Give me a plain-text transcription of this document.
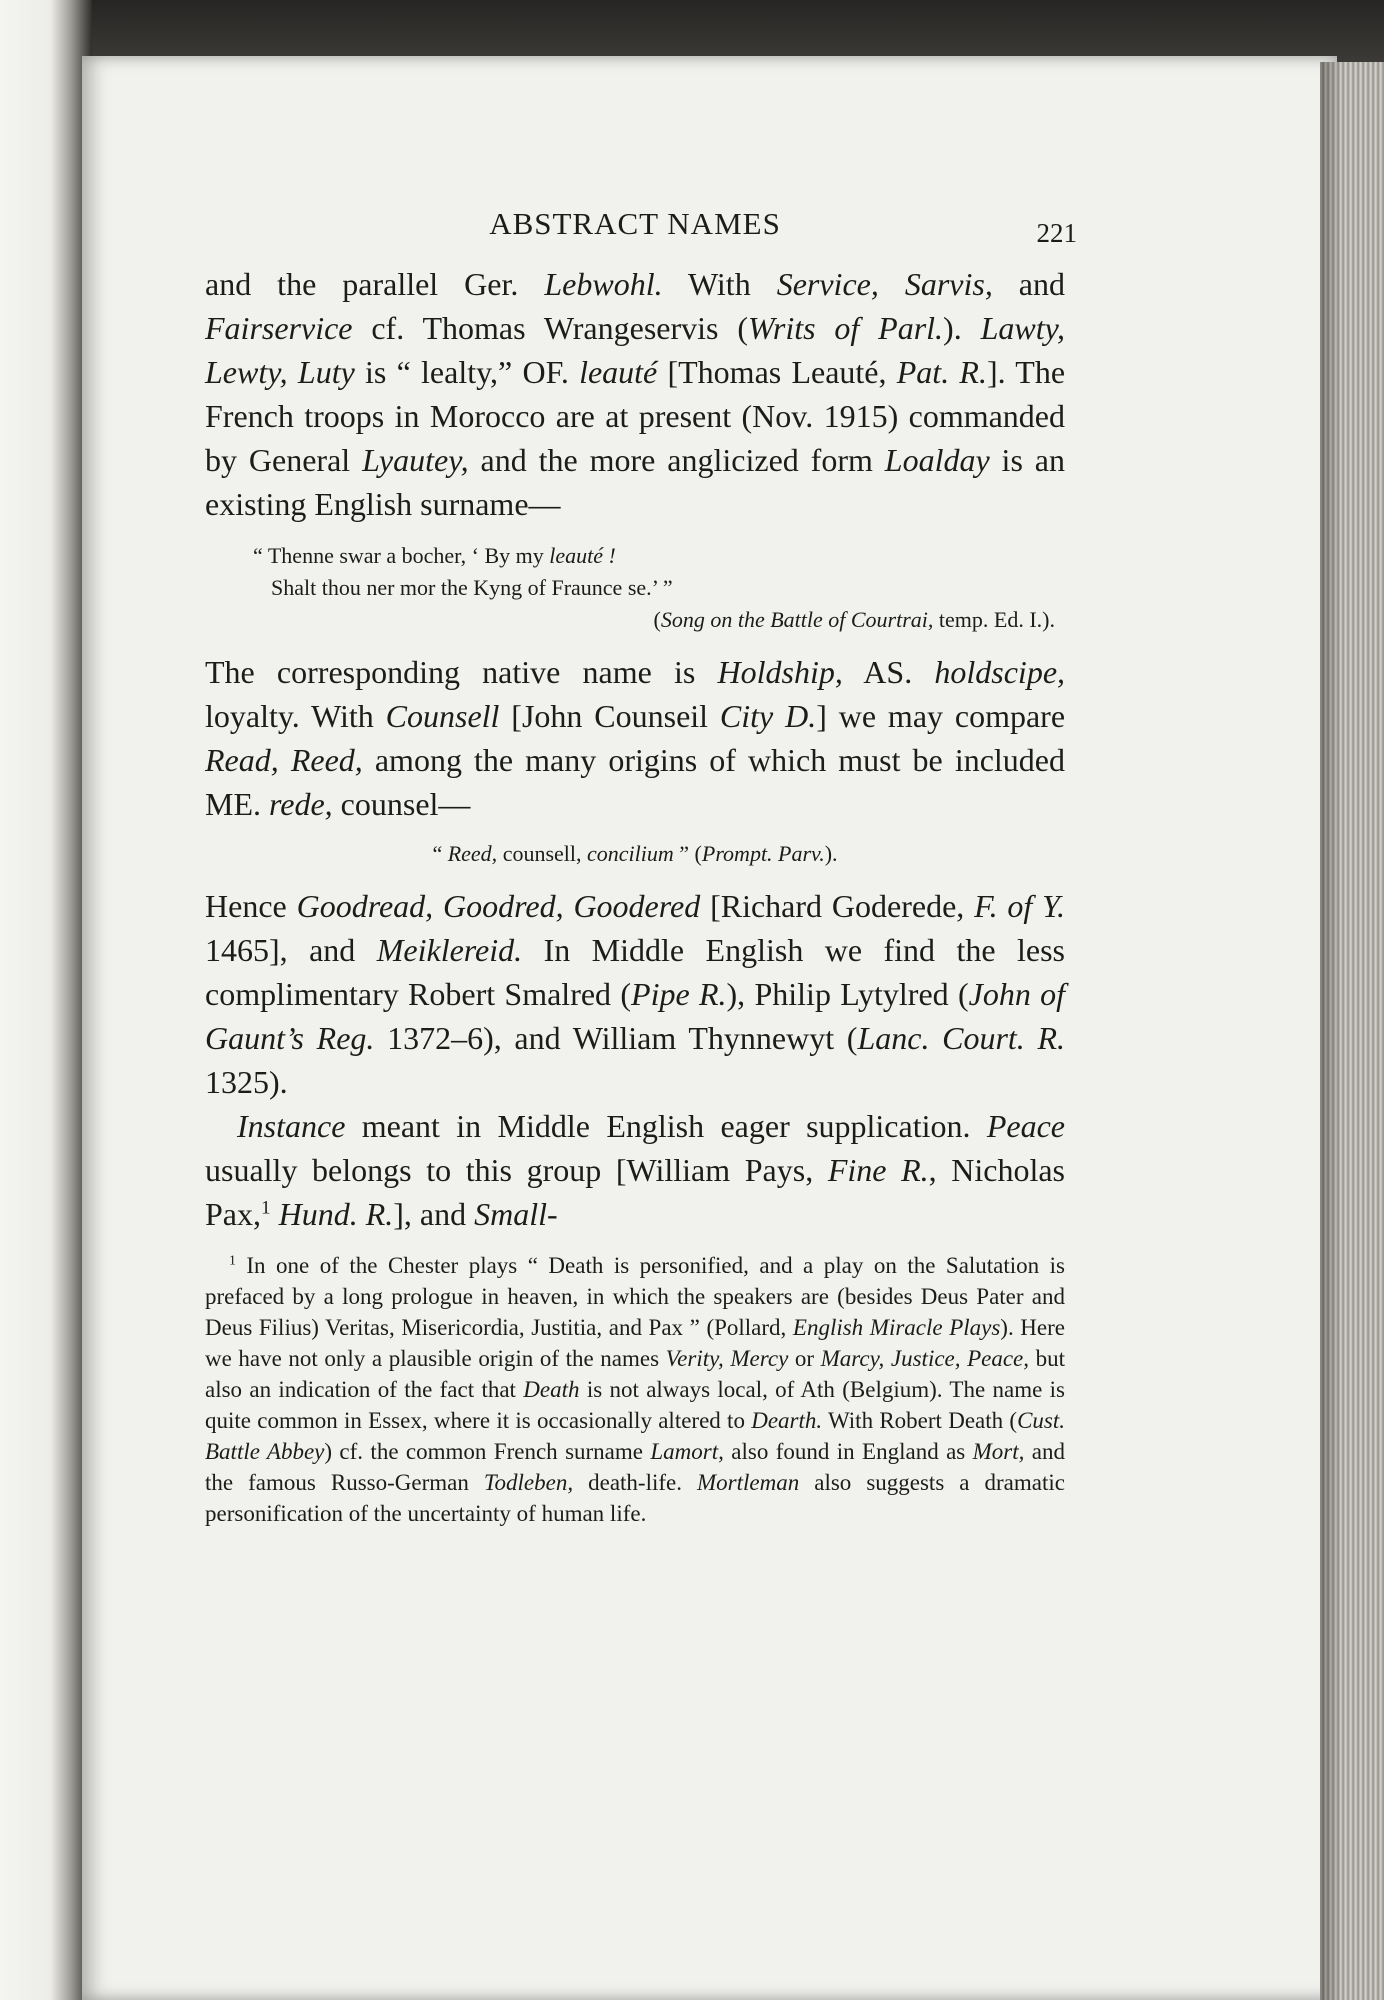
ABSTRACT NAMES	221

and the parallel Ger. Lebwohl. With Service, Sarvis, and Fairservice cf. Thomas Wrangeservis (Writs of Parl.). Lawty, Lewty, Luty is “ lealty,” OF. leauté [Thomas Leauté, Pat. R.]. The French troops in Morocco are at present (Nov. 1915) commanded by General Lyautey, and the more anglicized form Loalday is an existing English surname—

“ Thenne swar a bocher, ‘ By my leauté !
Shalt thou ner mor the Kyng of Fraunce se.’ ”
(Song on the Battle of Courtrai, temp. Ed. I.).

The corresponding native name is Holdship, AS. holdscipe, loyalty. With Counsell [John Counseil City D.] we may compare Read, Reed, among the many origins of which must be included ME. rede, counsel—

“ Reed, counsell, concilium ” (Prompt. Parv.).

Hence Goodread, Goodred, Goodered [Richard Goderede, F. of Y. 1465], and Meiklereid. In Middle English we find the less complimentary Robert Smalred (Pipe R.), Philip Lytylred (John of Gaunt’s Reg. 1372–6), and William Thynnewyt (Lanc. Court. R. 1325).

Instance meant in Middle English eager supplication. Peace usually belongs to this group [William Pays, Fine R., Nicholas Pax,$^1$ Hund. R.], and Small-

$^1$ In one of the Chester plays “ Death is personified, and a play on the Salutation is prefaced by a long prologue in heaven, in which the speakers are (besides Deus Pater and Deus Filius) Veritas, Misericordia, Justitia, and Pax ” (Pollard, English Miracle Plays). Here we have not only a plausible origin of the names Verity, Mercy or Marcy, Justice, Peace, but also an indication of the fact that Death is not always local, of Ath (Belgium). The name is quite common in Essex, where it is occasionally altered to Dearth. With Robert Death (Cust. Battle Abbey) cf. the common French surname Lamort, also found in England as Mort, and the famous Russo-German Todleben, death-life. Mortleman also suggests a dramatic personification of the uncertainty of human life.
